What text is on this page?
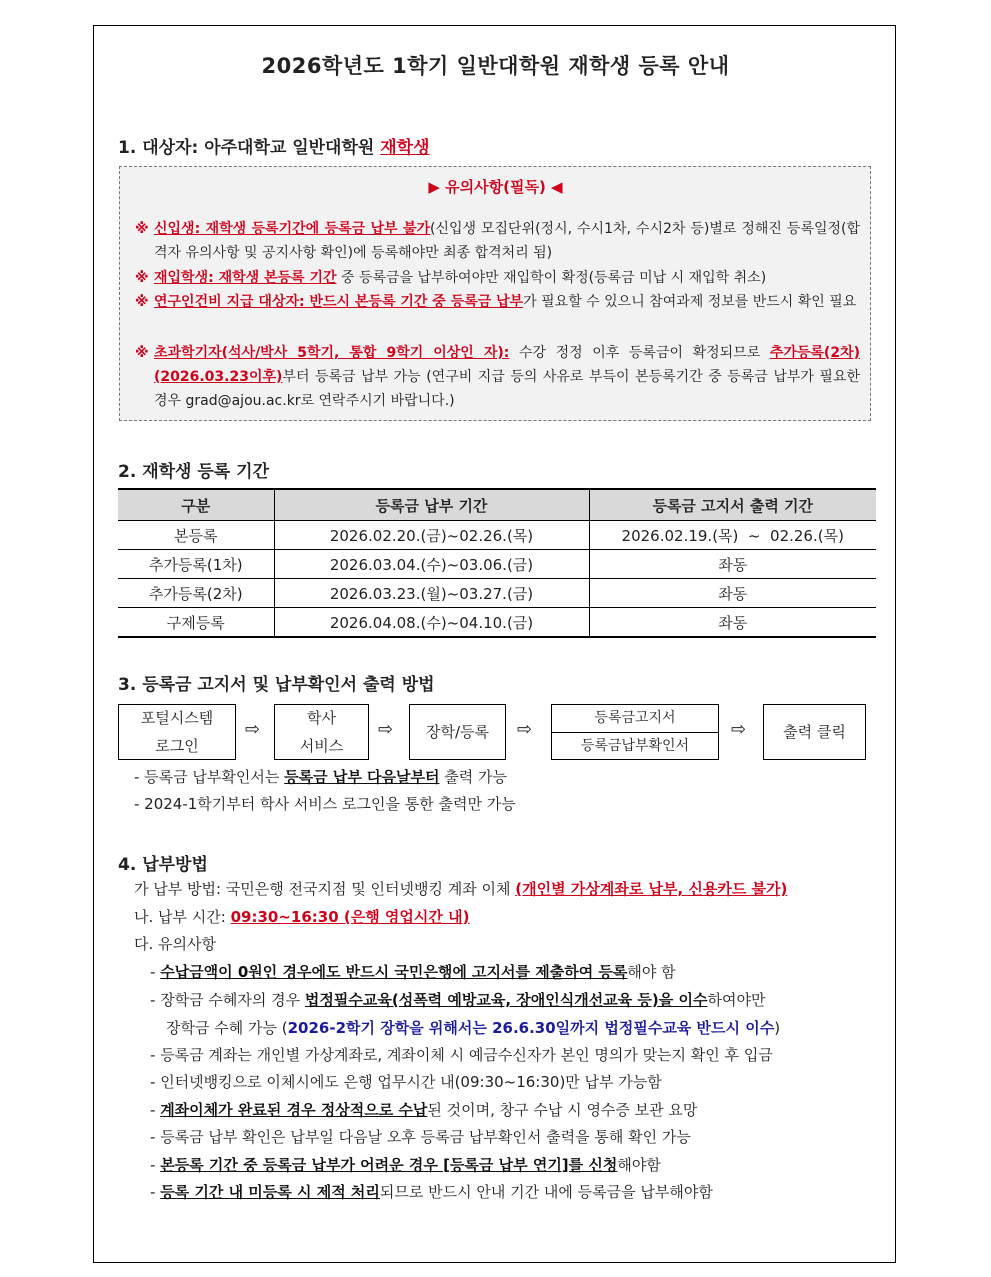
2026학년도 1학기 일반대학원 재학생 등록 안내
1. 대상자: 아주대학교 일반대학원 재학생
▶ 유의사항(필독) ◀
※ 신입생: 재학생 등록기간에 등록금 납부 불가(신입생 모집단위(정시, 수시1차, 수시2차 등)별로 정해진 등록일정(합격자 유의사항 및 공지사항 확인)에 등록해야만 최종 합격처리 됨)
※ 재입학생: 재학생 본등록 기간 중 등록금을 납부하여야만 재입학이 확정(등록금 미납 시 재입학 취소)
※ 연구인건비 지급 대상자: 반드시 본등록 기간 중 등록금 납부가 필요할 수 있으니 참여과제 정보를 반드시 확인 필요
※ 초과학기자(석사/박사 5학기, 통합 9학기 이상인 자): 수강 정정 이후 등록금이 확정되므로 추가등록(2차)(2026.03.23이후)부터 등록금 납부 가능 (연구비 지급 등의 사유로 부득이 본등록기간 중 등록금 납부가 필요한 경우 grad@ajou.ac.kr로 연락주시기 바랍니다.)
2. 재학생 등록 기간
구분	등록금 납부 기간	등록금 고지서 출력 기간
본등록	2026.02.20.(금)~02.26.(목)	2026.02.19.(목)  ~  02.26.(목)
추가등록(1차)	2026.03.04.(수)~03.06.(금)	좌동
추가등록(2차)	2026.03.23.(월)~03.27.(금)	좌동
구제등록	2026.04.08.(수)~04.10.(금)	좌동
3. 등록금 고지서 및 납부확인서 출력 방법
포털시스템
로그인
⇨
학사
서비스
⇨	장학/등록	⇨
등록금고지서
등록금납부확인서
⇨	출력 클릭
- 등록금 납부확인서는 등록금 납부 다음날부터 출력 가능
- 2024-1학기부터 학사 서비스 로그인을 통한 출력만 가능
4. 납부방법
가 납부 방법: 국민은행 전국지점 및 인터넷뱅킹 계좌 이체 (개인별 가상계좌로 납부, 신용카드 불가)
나. 납부 시간: 09:30~16:30 (은행 영업시간 내)
다. 유의사항
- 수납금액이 0원인 경우에도 반드시 국민은행에 고지서를 제출하여 등록해야 함
- 장학금 수혜자의 경우 법정필수교육(성폭력 예방교육, 장애인식개선교육 등)을 이수하여야만
장학금 수혜 가능 (2026-2학기 장학을 위해서는 26.6.30일까지 법정필수교육 반드시 이수)
- 등록금 계좌는 개인별 가상계좌로, 계좌이체 시 예금수신자가 본인 명의가 맞는지 확인 후 입금
- 인터넷뱅킹으로 이체시에도 은행 업무시간 내(09:30~16:30)만 납부 가능함
- 계좌이체가 완료된 경우 정상적으로 수납된 것이며, 창구 수납 시 영수증 보관 요망
- 등록금 납부 확인은 납부일 다음날 오후 등록금 납부확인서 출력을 통해 확인 가능
- 본등록 기간 중 등록금 납부가 어려운 경우 [등록금 납부 연기]를 신청해야함
- 등록 기간 내 미등록 시 제적 처리되므로 반드시 안내 기간 내에 등록금을 납부해야함
